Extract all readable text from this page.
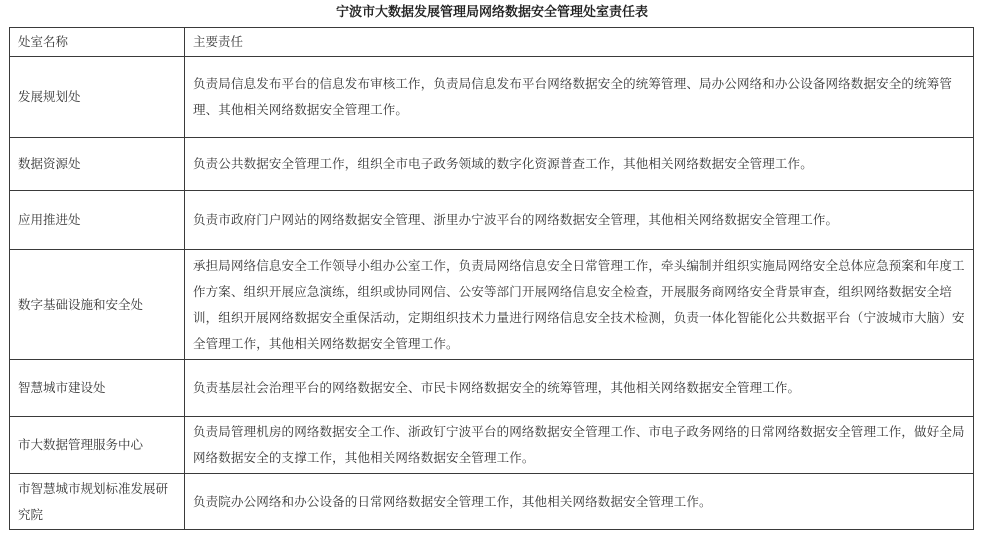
宁波市大数据发展管理局网络数据安全管理处室责任表
处室名称	主要责任
发展规划处	负责局信息发布平台的信息发布审核工作，负责局信息发布平台网络数据安全的统筹管理、局办公网络和办公设备网络数据安全的统筹管理、其他相关网络数据安全管理工作。
数据资源处	负责公共数据安全管理工作，组织全市电子政务领域的数字化资源普查工作，其他相关网络数据安全管理工作。
应用推进处	负责市政府门户网站的网络数据安全管理、浙里办宁波平台的网络数据安全管理，其他相关网络数据安全管理工作。
数字基础设施和安全处	承担局网络信息安全工作领导小组办公室工作，负责局网络信息安全日常管理工作，牵头编制并组织实施局网络安全总体应急预案和年度工作方案、组织开展应急演练，组织或协同网信、公安等部门开展网络信息安全检查，开展服务商网络安全背景审查，组织网络数据安全培训，组织开展网络数据安全重保活动，定期组织技术力量进行网络信息安全技术检测，负责一体化智能化公共数据平台（宁波城市大脑）安全管理工作，其他相关网络数据安全管理工作。
智慧城市建设处	负责基层社会治理平台的网络数据安全、市民卡网络数据安全的统筹管理，其他相关网络数据安全管理工作。
市大数据管理服务中心	负责局管理机房的网络数据安全工作、浙政钉宁波平台的网络数据安全管理工作、市电子政务网络的日常网络数据安全管理工作，做好全局网络数据安全的支撑工作，其他相关网络数据安全管理工作。
市智慧城市规划标准发展研究院	负责院办公网络和办公设备的日常网络数据安全管理工作，其他相关网络数据安全管理工作。
